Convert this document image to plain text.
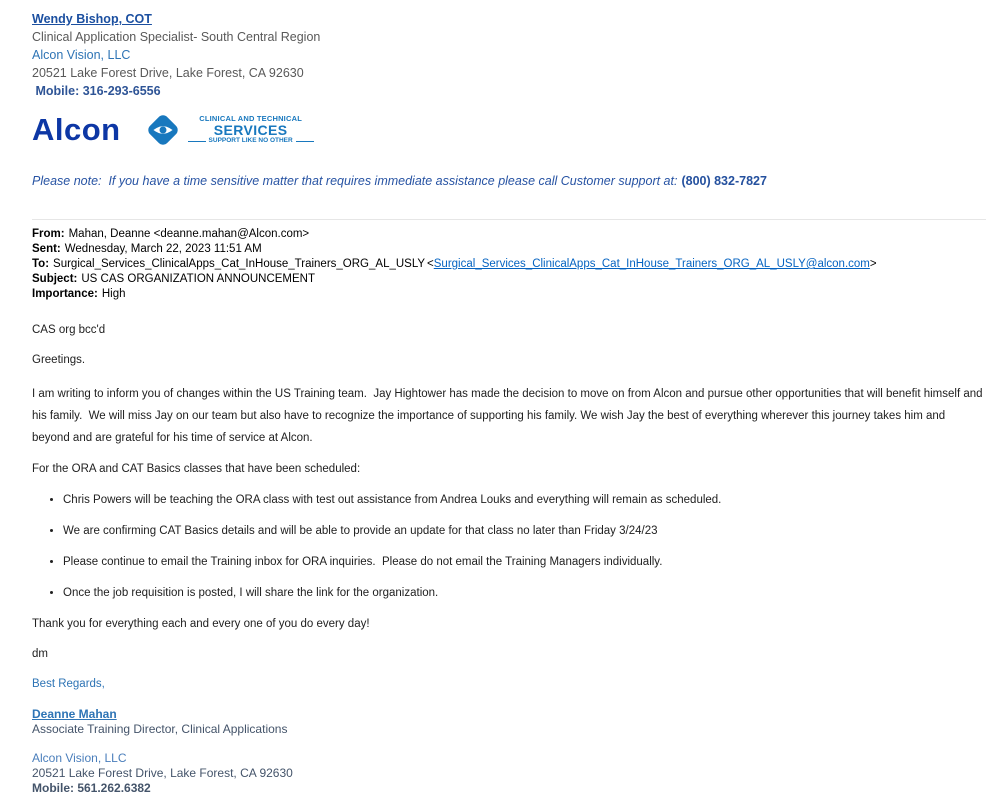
Wendy Bishop, COT
Clinical Application Specialist- South Central Region
Alcon Vision, LLC
20521 Lake Forest Drive, Lake Forest, CA 92630
Mobile: 316-293-6556
Alcon	CLINICAL AND TECHNICAL
SERVICES
SUPPORT LIKE NO OTHER
Please note:  If you have a time sensitive matter that requires immediate assistance please call Customer support at: (800) 832-7827
From: Mahan, Deanne <deanne.mahan@Alcon.com>
Sent: Wednesday, March 22, 2023 11:51 AM
To: Surgical_Services_ClinicalApps_Cat_InHouse_Trainers_ORG_AL_USLY <Surgical_Services_ClinicalApps_Cat_InHouse_Trainers_ORG_AL_USLY@alcon.com>
Subject: US CAS ORGANIZATION ANNOUNCEMENT
Importance: High
CAS org bcc'd
Greetings.
I am writing to inform you of changes within the US Training team.  Jay Hightower has made the decision to move on from Alcon and pursue other opportunities that will benefit himself and his family.  We will miss Jay on our team but also have to recognize the importance of supporting his family. We wish Jay the best of everything wherever this journey takes him and beyond and are grateful for his time of service at Alcon.
For the ORA and CAT Basics classes that have been scheduled:
• Chris Powers will be teaching the ORA class with test out assistance from Andrea Louks and everything will remain as scheduled.
• We are confirming CAT Basics details and will be able to provide an update for that class no later than Friday 3/24/23
• Please continue to email the Training inbox for ORA inquiries.  Please do not email the Training Managers individually.
• Once the job requisition is posted, I will share the link for the organization.
Thank you for everything each and every one of you do every day!
dm
Best Regards,
Deanne Mahan
Associate Training Director, Clinical Applications
Alcon Vision, LLC
20521 Lake Forest Drive, Lake Forest, CA 92630
Mobile: 561.262.6382
